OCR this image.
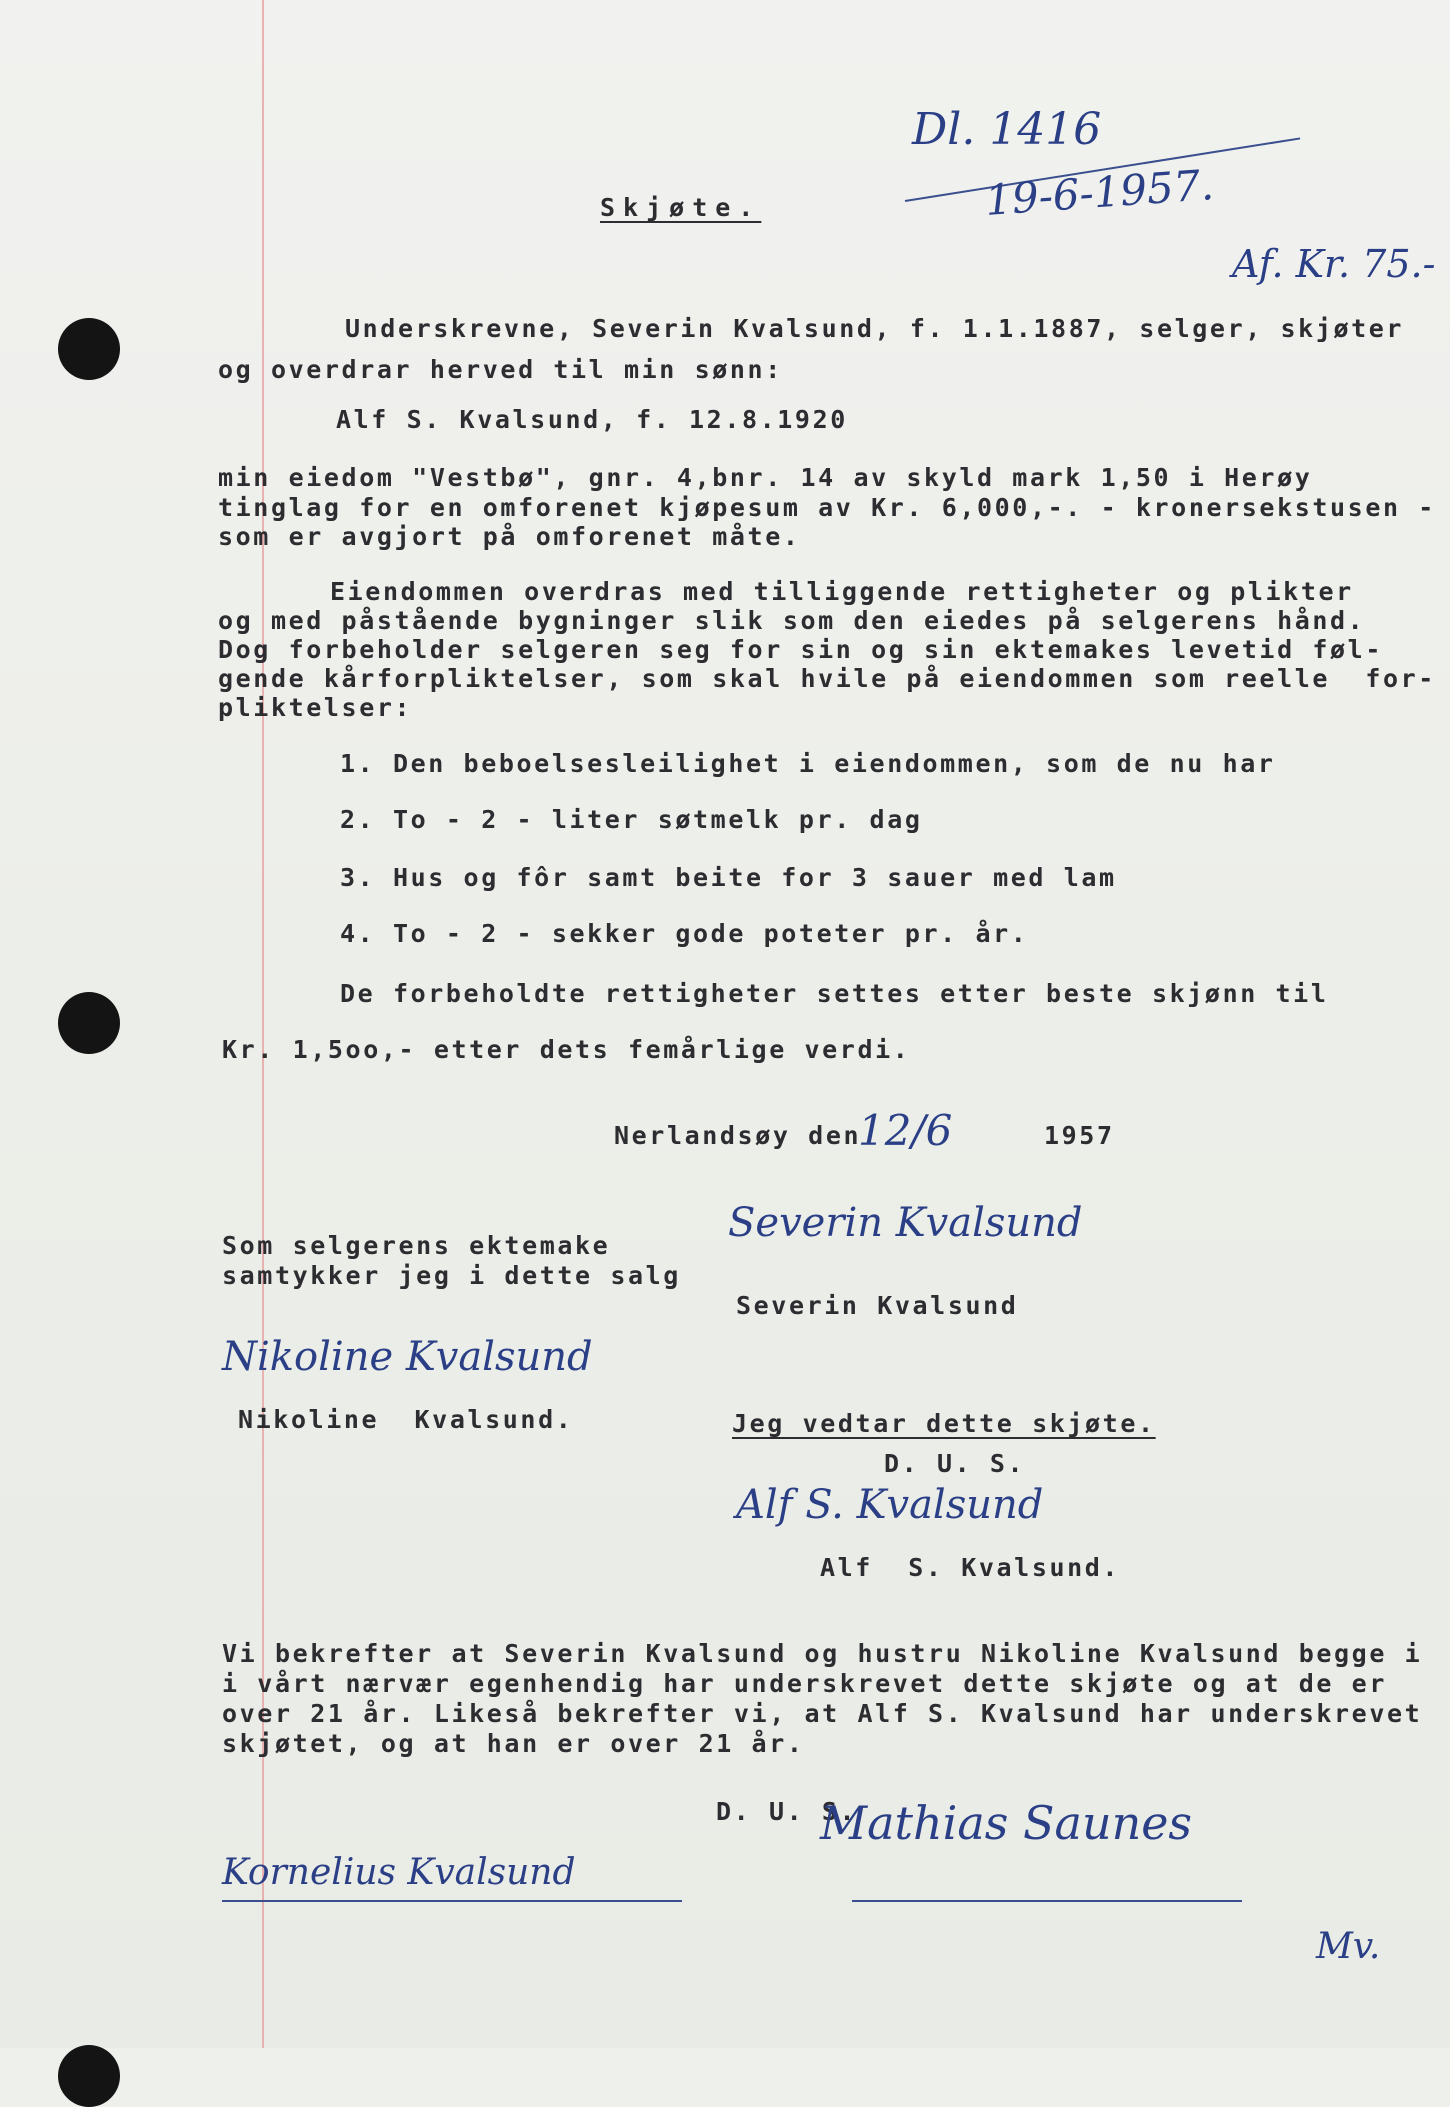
Dl. 1416
19-6-1957.
Af. Kr. 75.-
Skjøte.
Underskrevne, Severin Kvalsund, f. 1.1.1887, selger, skjøter
og overdrar herved til min sønn:
Alf S. Kvalsund, f. 12.8.1920
min eiedom "Vestbø", gnr. 4,bnr. 14 av skyld mark 1,50 i Herøy
tinglag for en omforenet kjøpesum av Kr. 6,000,-. - kronersekstusen -
som er avgjort på omforenet måte.
Eiendommen overdras med tilliggende rettigheter og plikter
og med påstående bygninger slik som den eiedes på selgerens hånd.
Dog forbeholder selgeren seg for sin og sin ektemakes levetid føl-
gende kårforpliktelser, som skal hvile på eiendommen som reelle  for-
pliktelser:
1. Den beboelsesleilighet i eiendommen, som de nu har
2. To - 2 - liter søtmelk pr. dag
3. Hus og fôr samt beite for 3 sauer med lam
4. To - 2 - sekker gode poteter pr. år.
De forbeholdte rettigheter settes etter beste skjønn til
Kr. 1,5oo,- etter dets femårlige verdi.
Nerlandsøy den
12/6	1957
Som selgerens ektemake
samtykker jeg i dette salg
Severin Kvalsund
Severin Kvalsund
Nikoline Kvalsund
Nikoline  Kvalsund.	Jeg vedtar dette skjøte.
D. U. S.
Alf S. Kvalsund
Alf  S. Kvalsund.
Vi bekrefter at Severin Kvalsund og hustru Nikoline Kvalsund begge i
i vårt nærvær egenhendig har underskrevet dette skjøte og at de er
over 21 år. Likeså bekrefter vi, at Alf S. Kvalsund har underskrevet
skjøtet, og at han er over 21 år.
D. U. S.
Kornelius Kvalsund
Mathias Saunes
Mv.
